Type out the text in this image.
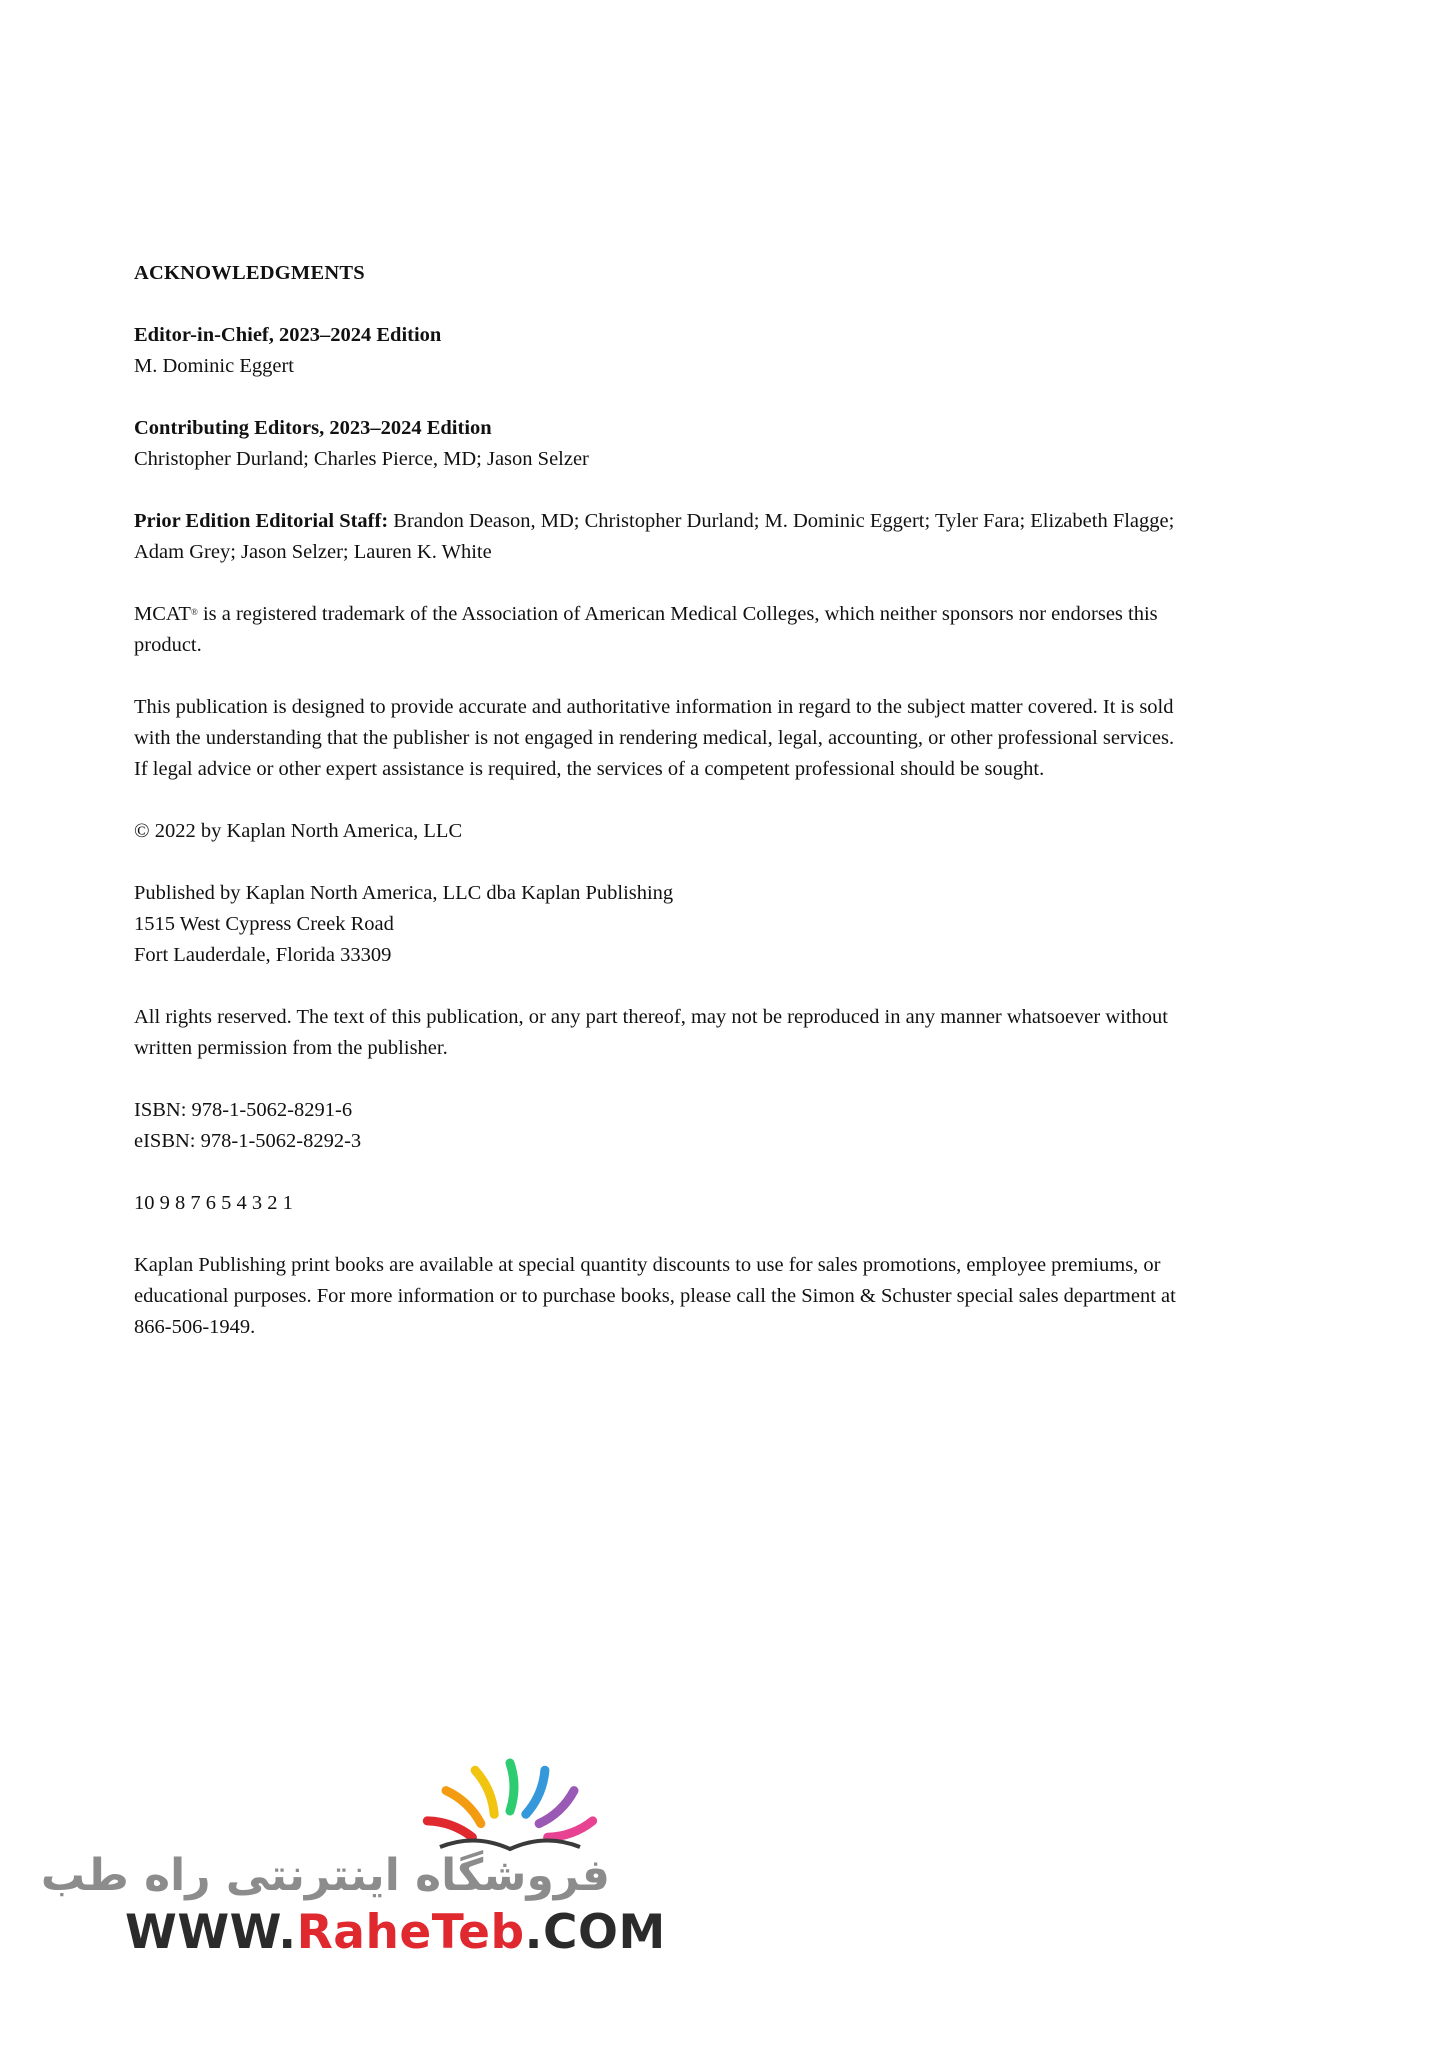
ACKNOWLEDGMENTS
Editor-in-Chief, 2023–2024 Edition
M. Dominic Eggert
Contributing Editors, 2023–2024 Edition
Christopher Durland; Charles Pierce, MD; Jason Selzer
Prior Edition Editorial Staff: Brandon Deason, MD; Christopher Durland; M. Dominic Eggert; Tyler Fara; Elizabeth Flagge;
Adam Grey; Jason Selzer; Lauren K. White
MCAT® is a registered trademark of the Association of American Medical Colleges, which neither sponsors nor endorses this
product.
This publication is designed to provide accurate and authoritative information in regard to the subject matter covered. It is sold
with the understanding that the publisher is not engaged in rendering medical, legal, accounting, or other professional services.
If legal advice or other expert assistance is required, the services of a competent professional should be sought.
© 2022 by Kaplan North America, LLC
Published by Kaplan North America, LLC dba Kaplan Publishing
1515 West Cypress Creek Road
Fort Lauderdale, Florida 33309
All rights reserved. The text of this publication, or any part thereof, may not be reproduced in any manner whatsoever without
written permission from the publisher.
ISBN: 978-1-5062-8291-6
eISBN: 978-1-5062-8292-3
10 9 8 7 6 5 4 3 2 1
Kaplan Publishing print books are available at special quantity discounts to use for sales promotions, employee premiums, or
educational purposes. For more information or to purchase books, please call the Simon & Schuster special sales department at
866-506-1949.
فروشگاه اینترنتی راه طب
WWW.RaheTeb.COM
